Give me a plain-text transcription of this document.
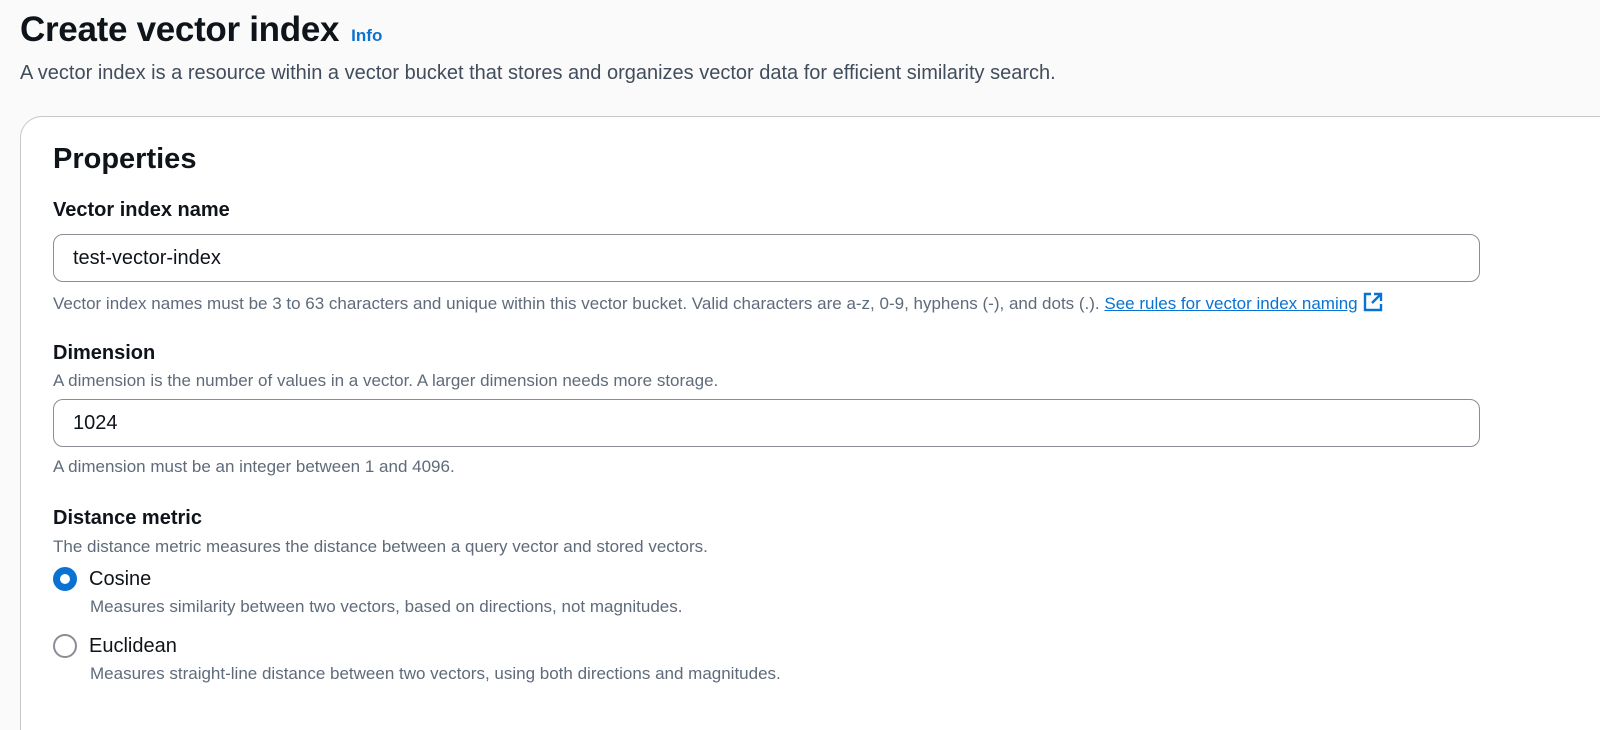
Create vector index Info
A vector index is a resource within a vector bucket that stores and organizes vector data for efficient similarity search.
Properties
Vector index name
test-vector-index
Vector index names must be 3 to 63 characters and unique within this vector bucket. Valid characters are a-z, 0-9, hyphens (-), and dots (.). See rules for vector index naming
Dimension
A dimension is the number of values in a vector. A larger dimension needs more storage.
1024
A dimension must be an integer between 1 and 4096.
Distance metric
The distance metric measures the distance between a query vector and stored vectors.
Cosine
Measures similarity between two vectors, based on directions, not magnitudes.
Euclidean
Measures straight-line distance between two vectors, using both directions and magnitudes.
